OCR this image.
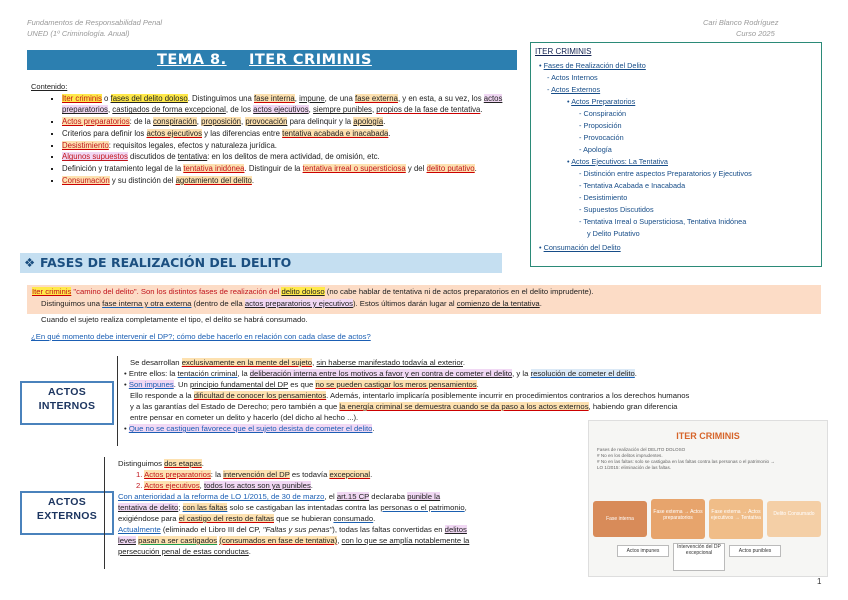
Fundamentos de Responsabilidad Penal
UNED (1º Criminología. Anual)
Cari Blanco Rodríguez
Curso 2025
TEMA 8. ITER CRIMINIS
Contenido:
▪ Iter criminis o fases del delito doloso. Distinguimos una fase interna, impune, de una fase externa, y en esta, a su vez, los actos preparatorios, castigados de forma excepcional, de los actos ejecutivos, siempre punibles, propios de la fase de tentativa.
▪ Actos preparatorios: de la conspiración, proposición, provocación para delinquir y la apología.
▪ Criterios para definir los actos ejecutivos y las diferencias entre tentativa acabada e inacabada.
▪ Desistimiento: requisitos legales, efectos y naturaleza jurídica.
▪ Algunos supuestos discutidos de tentativa: en los delitos de mera actividad, de omisión, etc.
▪ Definición y tratamiento legal de la tentativa inidónea. Distinguir de la tentativa irreal o supersticiosa y del delito putativo.
▪ Consumación y su distinción del agotamiento del delito.
ITER CRIMINIS
• Fases de Realización del Delito
- Actos Internos
- Actos Externos
• Actos Preparatorios
- Conspiración
- Proposición
- Provocación
- Apología
• Actos Ejecutivos: La Tentativa
- Distinción entre aspectos Preparatorios y Ejecutivos
- Tentativa Acabada e Inacabada
- Desistimiento
- Supuestos Discutidos
- Tentativa Irreal o Supersticiosa, Tentativa Inidónea
y Delito Putativo
• Consumación del Delito
❖ FASES DE REALIZACIÓN DEL DELITO
Iter criminis "camino del delito". Son los distintos fases de realización del delito doloso (no cabe hablar de tentativa ni de actos preparatorios en el delito imprudente).
Distinguimos una fase interna y otra externa (dentro de ella actos preparatorios y ejecutivos). Estos últimos darán lugar al comienzo de la tentativa.
Cuando el sujeto realiza completamente el tipo, el delito se habrá consumado.
¿En qué momento debe intervenir el DP?; cómo debe hacerlo en relación con cada clase de actos?
ACTOS INTERNOS
Se desarrollan exclusivamente en la mente del sujeto, sin haberse manifestado todavía al exterior.
• Entre ellos: la tentación criminal, la deliberación interna entre los motivos a favor y en contra de cometer el delito, y la resolución de cometer el delito.
• Son impunes. Un principio fundamental del DP es que no se pueden castigar los meros pensamientos.
Ello responde a la dificultad de conocer los pensamientos. Además, intentarlo implicaría posiblemente incurrir en procedimientos contrarios a los derechos humanos
y a las garantías del Estado de Derecho; pero también a que la energía criminal se demuestra cuando se da paso a los actos externos, habiendo gran diferencia
entre pensar en cometer un delito y hacerlo (del dicho al hecho ...).
• Que no se castiguen favorece que el sujeto desista de cometer el delito.
ACTOS EXTERNOS
Distinguimos dos etapas.
1. Actos preparatorios: la intervención del DP es todavía excepcional.
2. Actos ejecutivos, todos los actos son ya punibles.
Con anterioridad a la reforma de LO 1/2015, de 30 de marzo, el art.15 CP declaraba punible la
tentativa de delito; con las faltas solo se castigaban las intentadas contra las personas o el patrimonio,
exigiéndose para el castigo del resto de faltas que se hubieran consumado.
Actualmente (eliminado el Libro III del CP, "Faltas y sus penas"), todas las faltas convertidas en delitos
leves pasan a ser castigados (consumados en fase de tentativa), con lo que se amplía notablemente la
persecución penal de estas conductas.
ITER CRIMINIS
Fases de realización del DELITO DOLOSO
# No en los delitos imprudentes.
# No en las faltas: solo se castigaba en las faltas contra las personas o el patrimonio →
LO 1/2015: eliminación de las faltas.
Fase interna
Fase externa → Actos preparatorios
Fase externa → Actos ejecutivos → Tentativa
Delito Consumado
Actos impunes
Intervención del DP excepcional	Actos punibles
1
